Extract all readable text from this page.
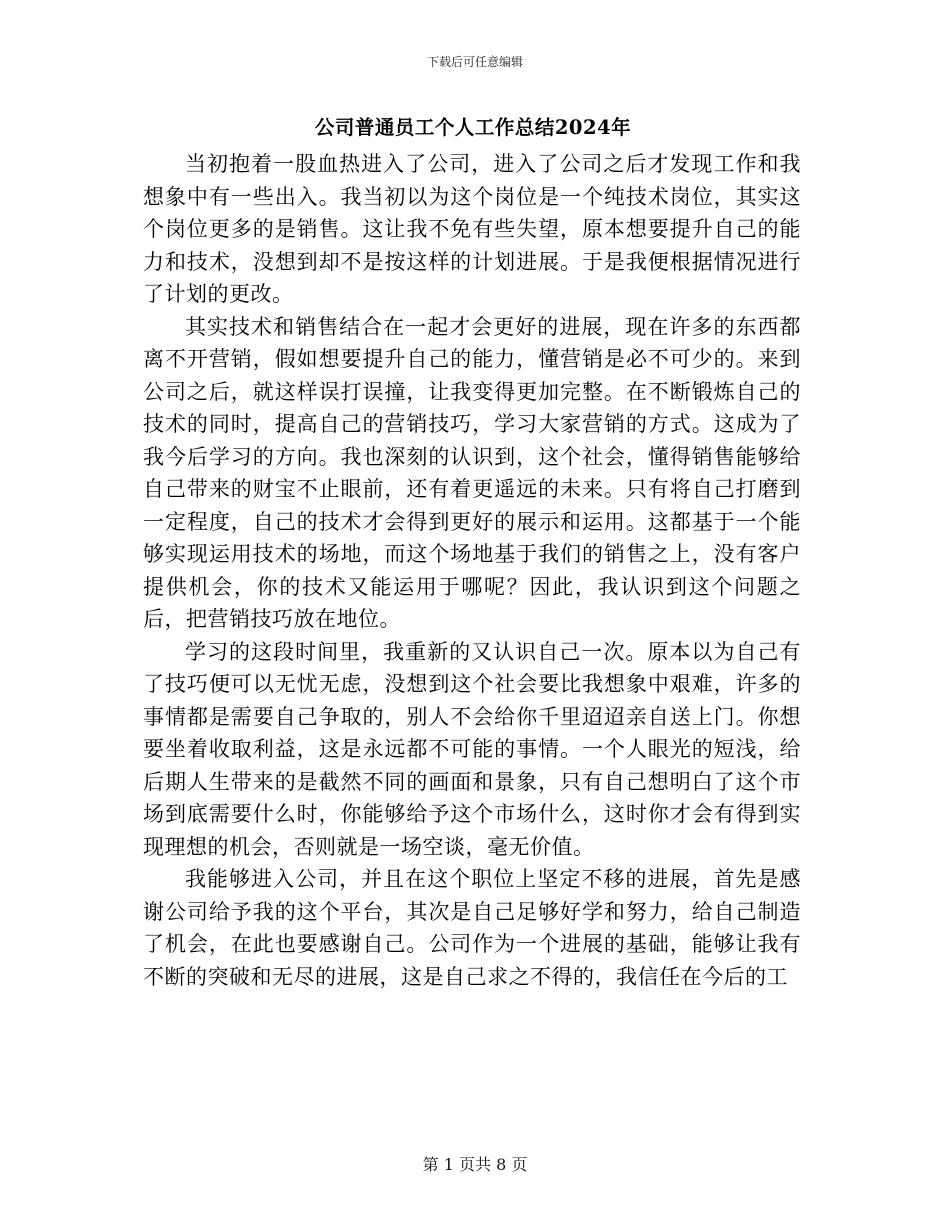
下载后可任意编辑
公司普通员工个人工作总结2024年

当初抱着一股血热进入了公司，进入了公司之后才发现工作和我想象中有一些出入。我当初以为这个岗位是一个纯技术岗位，其实这个岗位更多的是销售。这让我不免有些失望，原本想要提升自己的能力和技术，没想到却不是按这样的计划进展。于是我便根据情况进行了计划的更改。

其实技术和销售结合在一起才会更好的进展，现在许多的东西都离不开营销，假如想要提升自己的能力，懂营销是必不可少的。来到公司之后，就这样误打误撞，让我变得更加完整。在不断锻炼自己的技术的同时，提高自己的营销技巧，学习大家营销的方式。这成为了我今后学习的方向。我也深刻的认识到，这个社会，懂得销售能够给自己带来的财宝不止眼前，还有着更遥远的未来。只有将自己打磨到一定程度，自己的技术才会得到更好的展示和运用。这都基于一个能够实现运用技术的场地，而这个场地基于我们的销售之上，没有客户提供机会，你的技术又能运用于哪呢？因此，我认识到这个问题之后，把营销技巧放在地位。

学习的这段时间里，我重新的又认识自己一次。原本以为自己有了技巧便可以无忧无虑，没想到这个社会要比我想象中艰难，许多的事情都是需要自己争取的，别人不会给你千里迢迢亲自送上门。你想要坐着收取利益，这是永远都不可能的事情。一个人眼光的短浅，给后期人生带来的是截然不同的画面和景象，只有自己想明白了这个市场到底需要什么时，你能够给予这个市场什么，这时你才会有得到实现理想的机会，否则就是一场空谈，毫无价值。

我能够进入公司，并且在这个职位上坚定不移的进展，首先是感谢公司给予我的这个平台，其次是自己足够好学和努力，给自己制造了机会，在此也要感谢自己。公司作为一个进展的基础，能够让我有不断的突破和无尽的进展，这是自己求之不得的，我信任在今后的工

第 1 页共 8 页
